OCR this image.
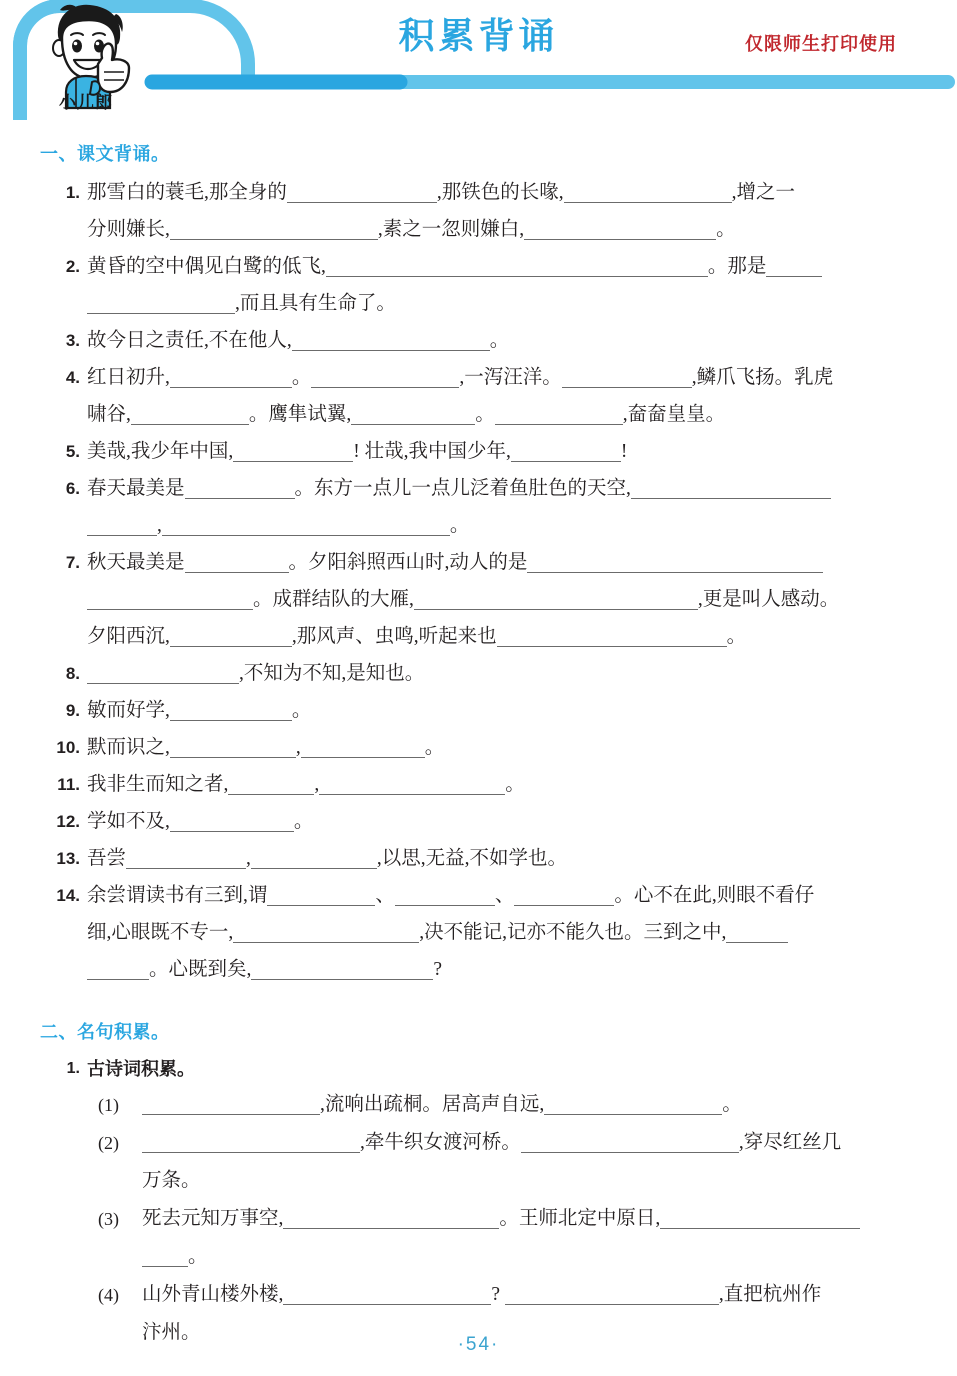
小儿郎
积累背诵	仅限师生打印使用
一、课文背诵。
1. 那雪白的蓑毛,那全身的	,那铁色的长喙,	,增之一
分则嫌长,	,素之一忽则嫌白,	。
2. 黄昏的空中偶见白鹭的低飞,	。那是
,而且具有生命了。
3. 故今日之责任,不在他人,	。
4. 红日初升,	。	,一泻汪洋。	,鳞爪飞扬。乳虎
啸谷,	。鹰隼试翼,	。	,奤奤皇皇。
5. 美哉,我少年中国,	! 壮哉,我中国少年,	!
6. 春天最美是	。东方一点儿一点儿泛着鱼肚色的天空,
,	。
7. 秋天最美是	。夕阳斜照西山时,动人的是
。成群结队的大雁,	,更是叫人感动。
夕阳西沉,	,那风声、虫鸣,听起来也	。
8.	,不知为不知,是知也。
9. 敏而好学,	。
10. 默而识之,	,	。
11. 我非生而知之者,	,	。
12. 学如不及,	。
13. 吾尝	,	,以思,无益,不如学也。
14. 余尝谓读书有三到,谓	、	、	。心不在此,则眼不看仔
细,心眼既不专一,	,决不能记,记亦不能久也。三到之中,
。心既到矣,	?
二、名句积累。
1. 古诗词积累。
(1)	,流响出疏桐。居高声自远,	。
(2)	,牵牛织女渡河桥。	,穿尽红丝几
万条。
(3)	死去元知万事空,	。王师北定中原日,
。
(4)	山外青山楼外楼,	?	,直把杭州作
汴州。
·54·
